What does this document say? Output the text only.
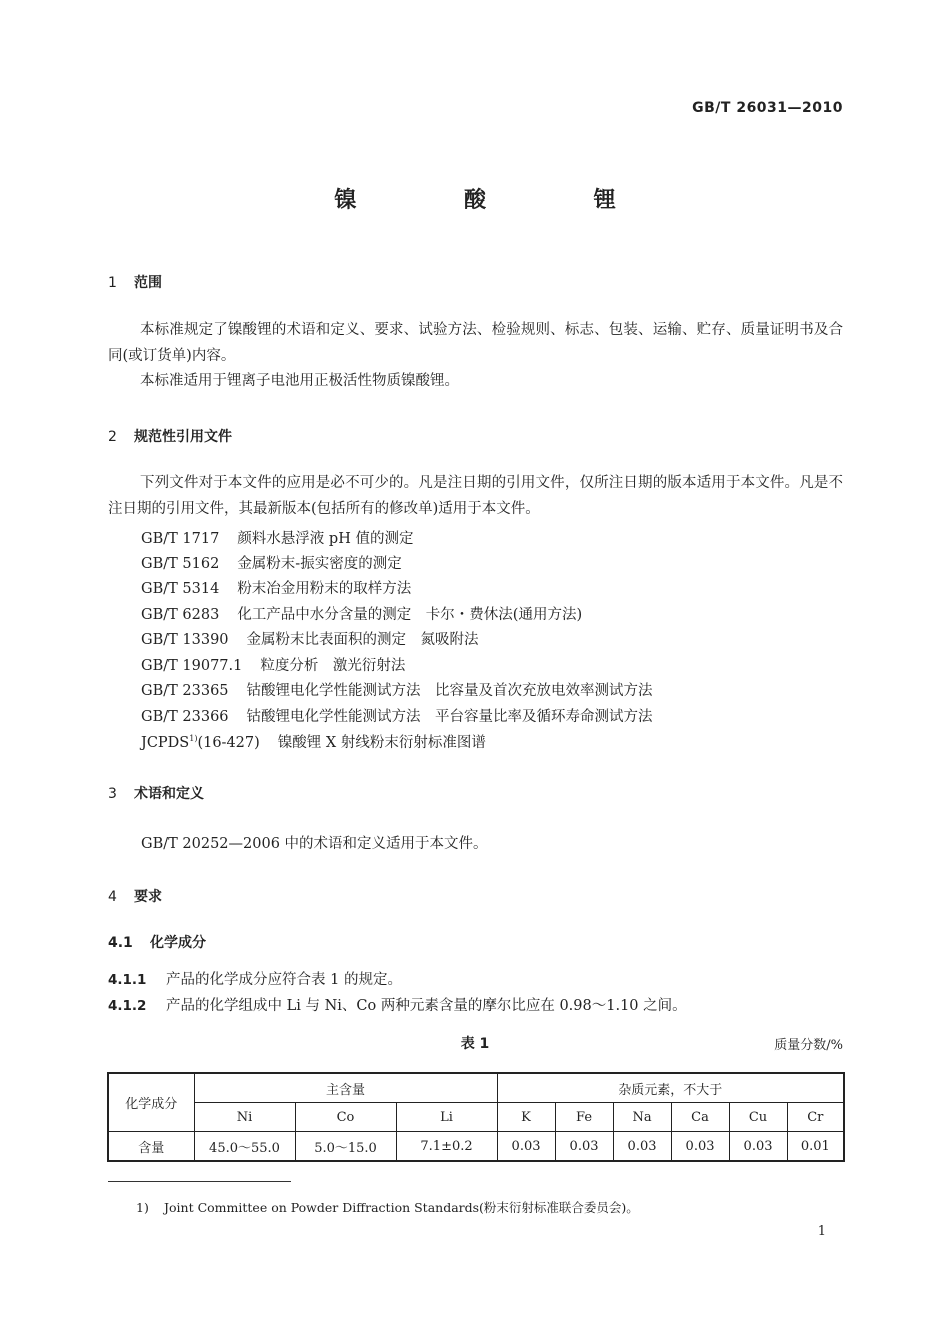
GB/T 26031—2010
镍 酸 锂
1 范围
本标准规定了镍酸锂的术语和定义、要求、试验方法、检验规则、标志、包装、运输、贮存、质量证明书及合同(或订货单)内容。
本标准适用于锂离子电池用正极活性物质镍酸锂。
2 规范性引用文件
下列文件对于本文件的应用是必不可少的。凡是注日期的引用文件，仅所注日期的版本适用于本文件。凡是不注日期的引用文件，其最新版本(包括所有的修改单)适用于本文件。
GB/T 1717 颜料水悬浮液 pH 值的测定
GB/T 5162 金属粉末-振实密度的测定
GB/T 5314 粉末冶金用粉末的取样方法
GB/T 6283 化工产品中水分含量的测定　卡尔・费休法(通用方法)
GB/T 13390 金属粉末比表面积的测定　氮吸附法
GB/T 19077.1 粒度分析　激光衍射法
GB/T 23365 钴酸锂电化学性能测试方法　比容量及首次充放电效率测试方法
GB/T 23366 钴酸锂电化学性能测试方法　平台容量比率及循环寿命测试方法
JCPDS$^{1)}$(16-427) 镍酸锂 X 射线粉末衍射标准图谱
3 术语和定义
GB/T 20252—2006 中的术语和定义适用于本文件。
4 要求
4.1 化学成分
4.1.1 产品的化学成分应符合表 1 的规定。
4.1.2 产品的化学组成中 Li 与 Ni、Co 两种元素含量的摩尔比应在 0.98～1.10 之间。
表 1	质量分数/%
化学成分	主含量			杂质元素，不大于					
	Ni	Co	Li	K	Fe	Na	Ca	Cu	Cr
含量	45.0～55.0	5.0～15.0	7.1±0.2	0.03	0.03	0.03	0.03	0.03	0.01
1) Joint Committee on Powder Diffraction Standards(粉末衍射标准联合委员会)。
1
